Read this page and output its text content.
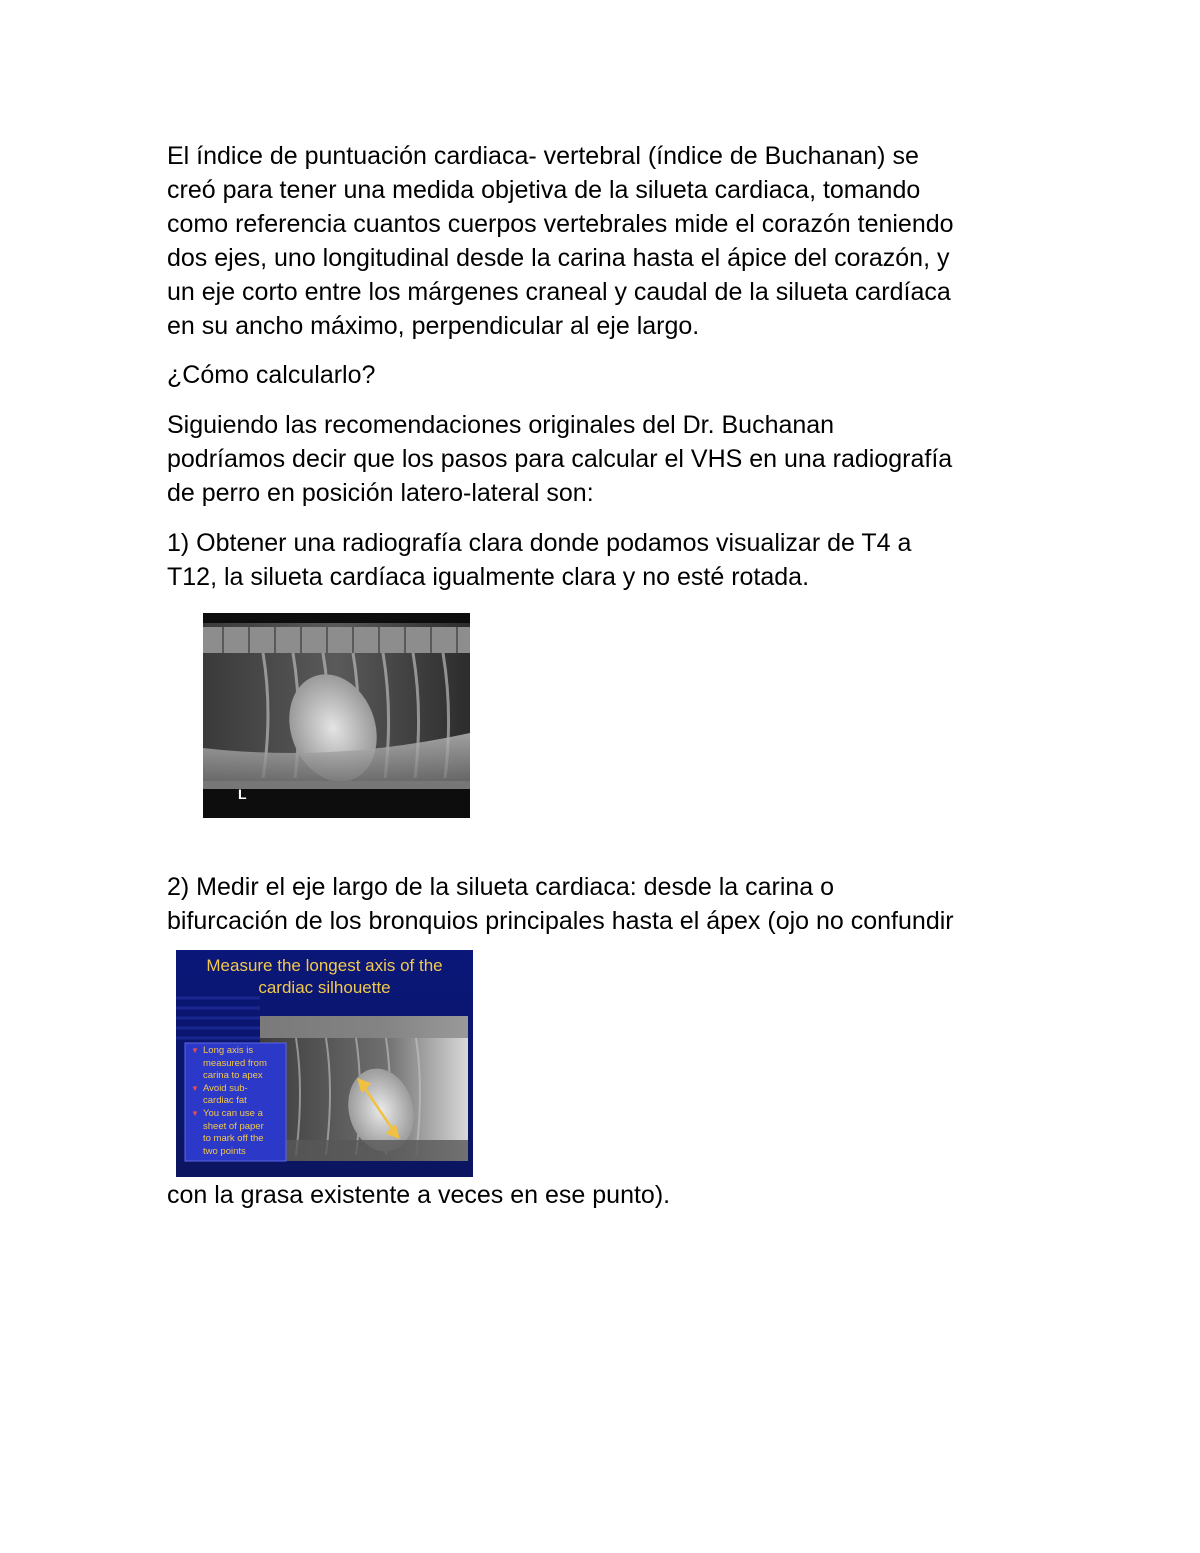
El índice de puntuación cardiaca- vertebral (índice de Buchanan) se
creó para tener una medida objetiva de la silueta cardiaca, tomando
como referencia cuantos cuerpos vertebrales mide el corazón teniendo
dos ejes, uno longitudinal desde la carina hasta el ápice del corazón, y
un eje corto entre los márgenes craneal y caudal de la silueta cardíaca
en su ancho máximo, perpendicular al eje largo.
¿Cómo calcularlo?
Siguiendo las recomendaciones originales del Dr. Buchanan
podríamos decir que los pasos para calcular el VHS en una radiografía
de perro en posición latero-lateral son:
1) Obtener una radiografía clara donde podamos visualizar de T4 a
T12, la silueta cardíaca igualmente clara y no esté rotada.
L
2) Medir el eje largo de la silueta cardiaca: desde la carina o
bifurcación de los bronquios principales hasta el ápex (ojo no confundir
Measure the longest axis of the
cardiac silhouette
▼ Long axis is
measured from
carina to apex
▼ Avoid sub-
cardiac fat
▼ You can use a
sheet of paper
to mark off the
two points
con la grasa existente a veces en ese punto).
